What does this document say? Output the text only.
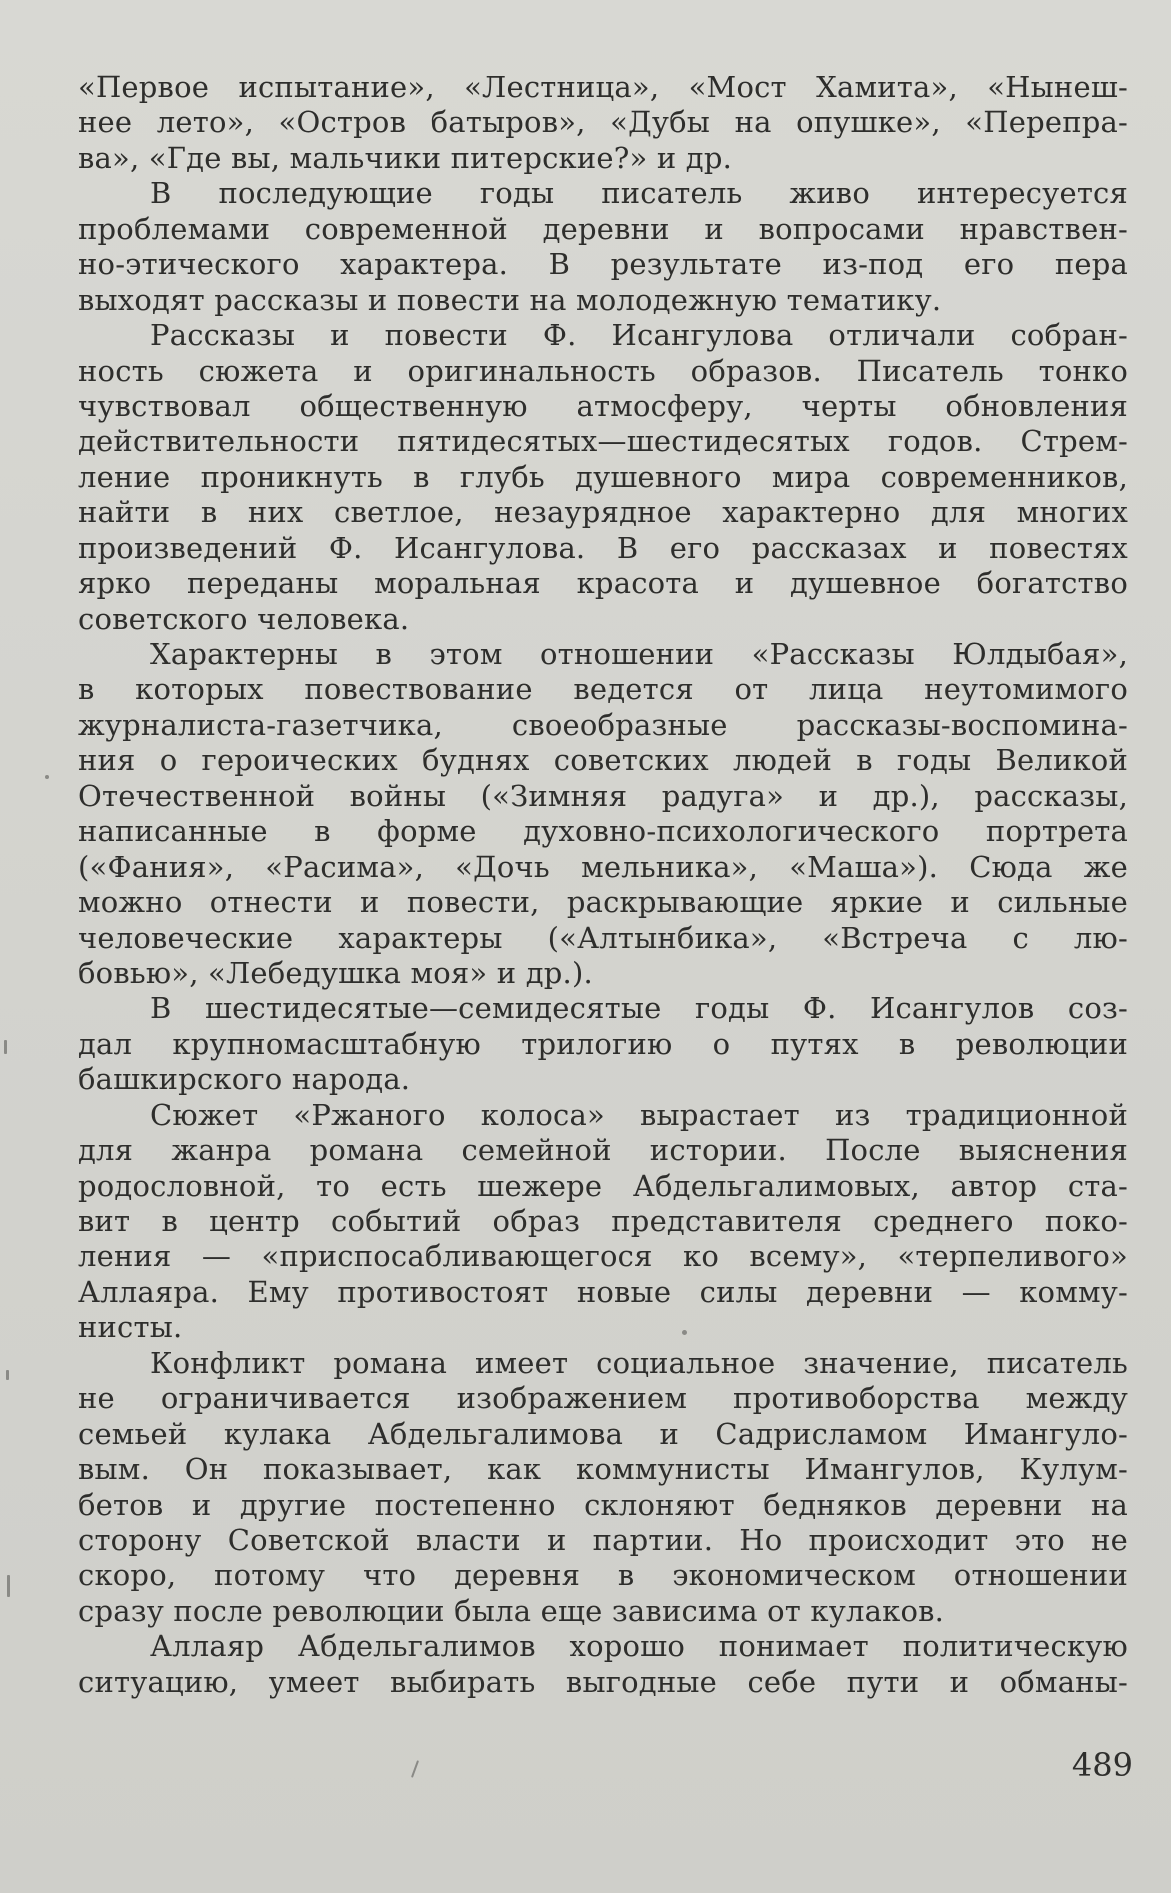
«Первое испытание», «Лестница», «Мост Хамита», «Нынеш-
нее лето», «Остров батыров», «Дубы на опушке», «Перепра-
ва», «Где вы, мальчики питерские?» и др.
В последующие годы писатель живо интересуется
проблемами современной деревни и вопросами нравствен-
но-этического характера. В результате из-под его пера
выходят рассказы и повести на молодежную тематику.
Рассказы и повести Ф. Исангулова отличали собран-
ность сюжета и оригинальность образов. Писатель тонко
чувствовал общественную атмосферу, черты обновления
действительности пятидесятых—шестидесятых годов. Стрем-
ление проникнуть в глубь душевного мира современников,
найти в них светлое, незаурядное характерно для многих
произведений Ф. Исангулова. В его рассказах и повестях
ярко переданы моральная красота и душевное богатство
советского человека.
Характерны в этом отношении «Рассказы Юлдыбая»,
в которых повествование ведется от лица неутомимого
журналиста-газетчика, своеобразные рассказы-воспомина-
ния о героических буднях советских людей в годы Великой
Отечественной войны («Зимняя радуга» и др.), рассказы,
написанные в форме духовно-психологического портрета
(«Фания», «Расима», «Дочь мельника», «Маша»). Сюда же
можно отнести и повести, раскрывающие яркие и сильные
человеческие характеры («Алтынбика», «Встреча с лю-
бовью», «Лебедушка моя» и др.).
В шестидесятые—семидесятые годы Ф. Исангулов соз-
дал крупномасштабную трилогию о путях в революции
башкирского народа.
Сюжет «Ржаного колоса» вырастает из традиционной
для жанра романа семейной истории. После выяснения
родословной, то есть шежере Абдельгалимовых, автор ста-
вит в центр событий образ представителя среднего поко-
ления — «приспосабливающегося ко всему», «терпеливого»
Аллаяра. Ему противостоят новые силы деревни — комму-
нисты.
Конфликт романа имеет социальное значение, писатель
не ограничивается изображением противоборства между
семьей кулака Абдельгалимова и Садрисламом Имангуло-
вым. Он показывает, как коммунисты Имангулов, Кулум-
бетов и другие постепенно склоняют бедняков деревни на
сторону Советской власти и партии. Но происходит это не
скоро, потому что деревня в экономическом отношении
сразу после революции была еще зависима от кулаков.
Аллаяр Абдельгалимов хорошо понимает политическую
ситуацию, умеет выбирать выгодные себе пути и обманы-
489
